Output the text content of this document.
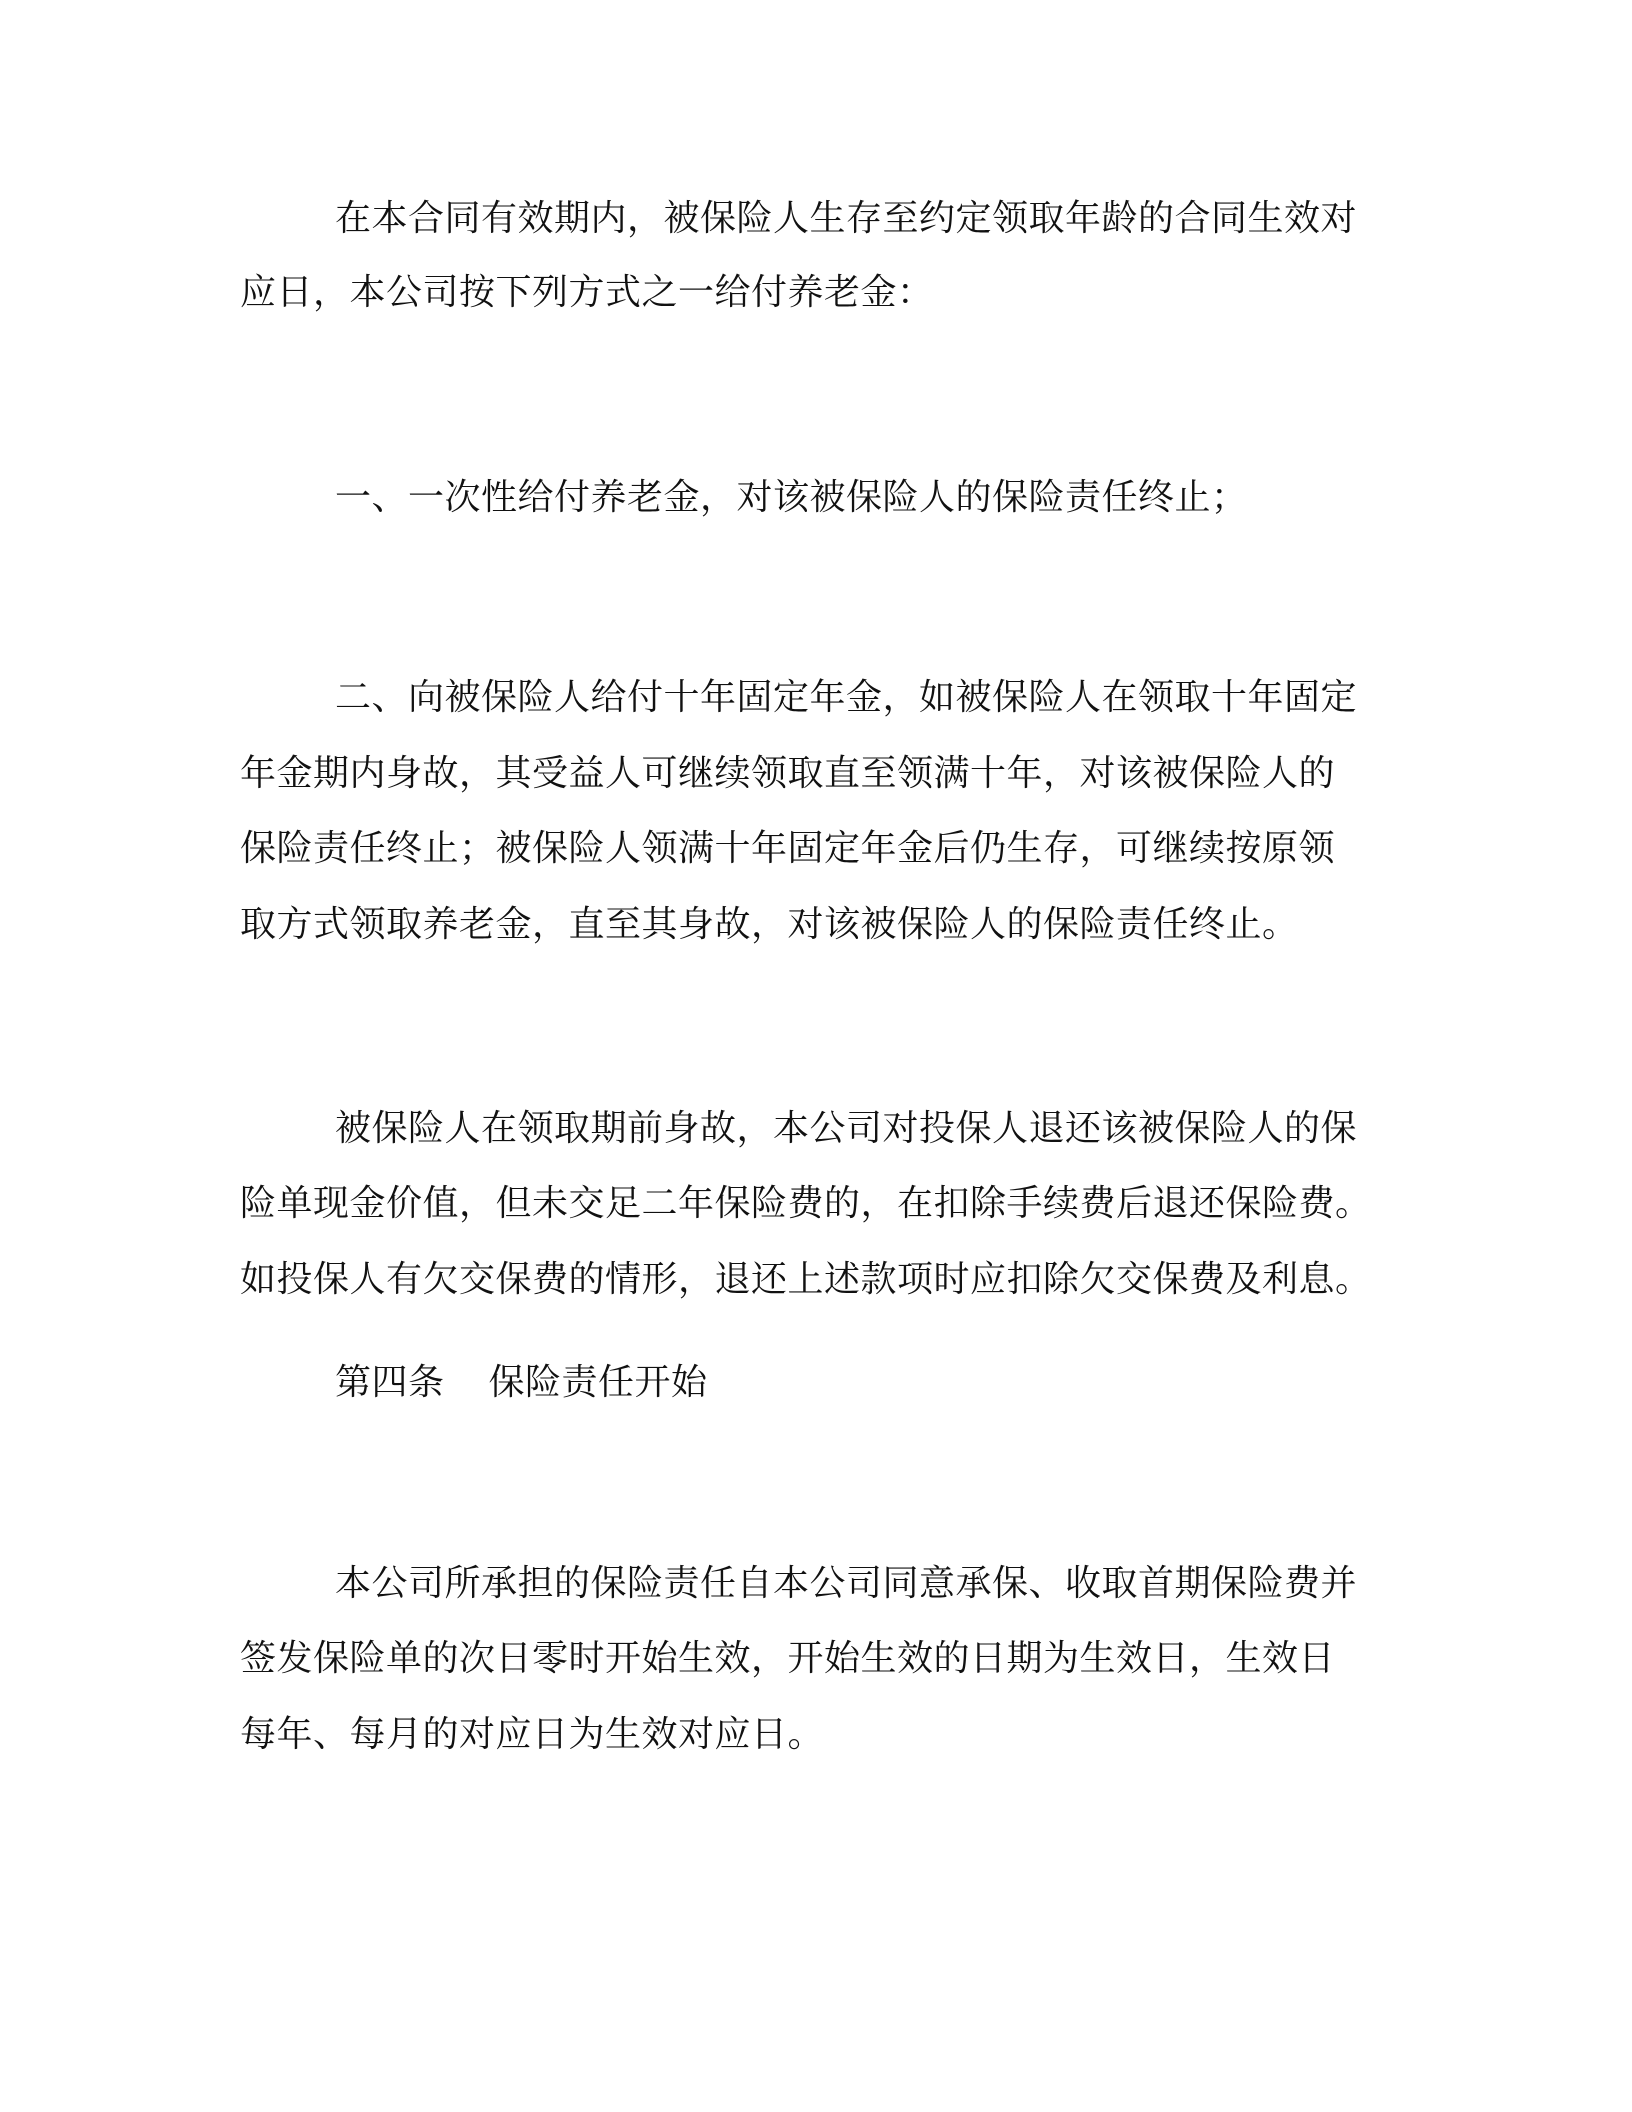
在本合同有效期内，被保险人生存至约定领取年龄的合同生效对

应日，本公司按下列方式之一给付养老金：

一、一次性给付养老金，对该被保险人的保险责任终止；

二、向被保险人给付十年固定年金，如被保险人在领取十年固定

年金期内身故，其受益人可继续领取直至领满十年，对该被保险人的

保险责任终止；被保险人领满十年固定年金后仍生存，可继续按原领

取方式领取养老金，直至其身故，对该被保险人的保险责任终止。

被保险人在领取期前身故，本公司对投保人退还该被保险人的保

险单现金价值，但未交足二年保险费的，在扣除手续费后退还保险费。

如投保人有欠交保费的情形，退还上述款项时应扣除欠交保费及利息。

第四条 保险责任开始

本公司所承担的保险责任自本公司同意承保、收取首期保险费并

签发保险单的次日零时开始生效，开始生效的日期为生效日，生效日

每年、每月的对应日为生效对应日。
